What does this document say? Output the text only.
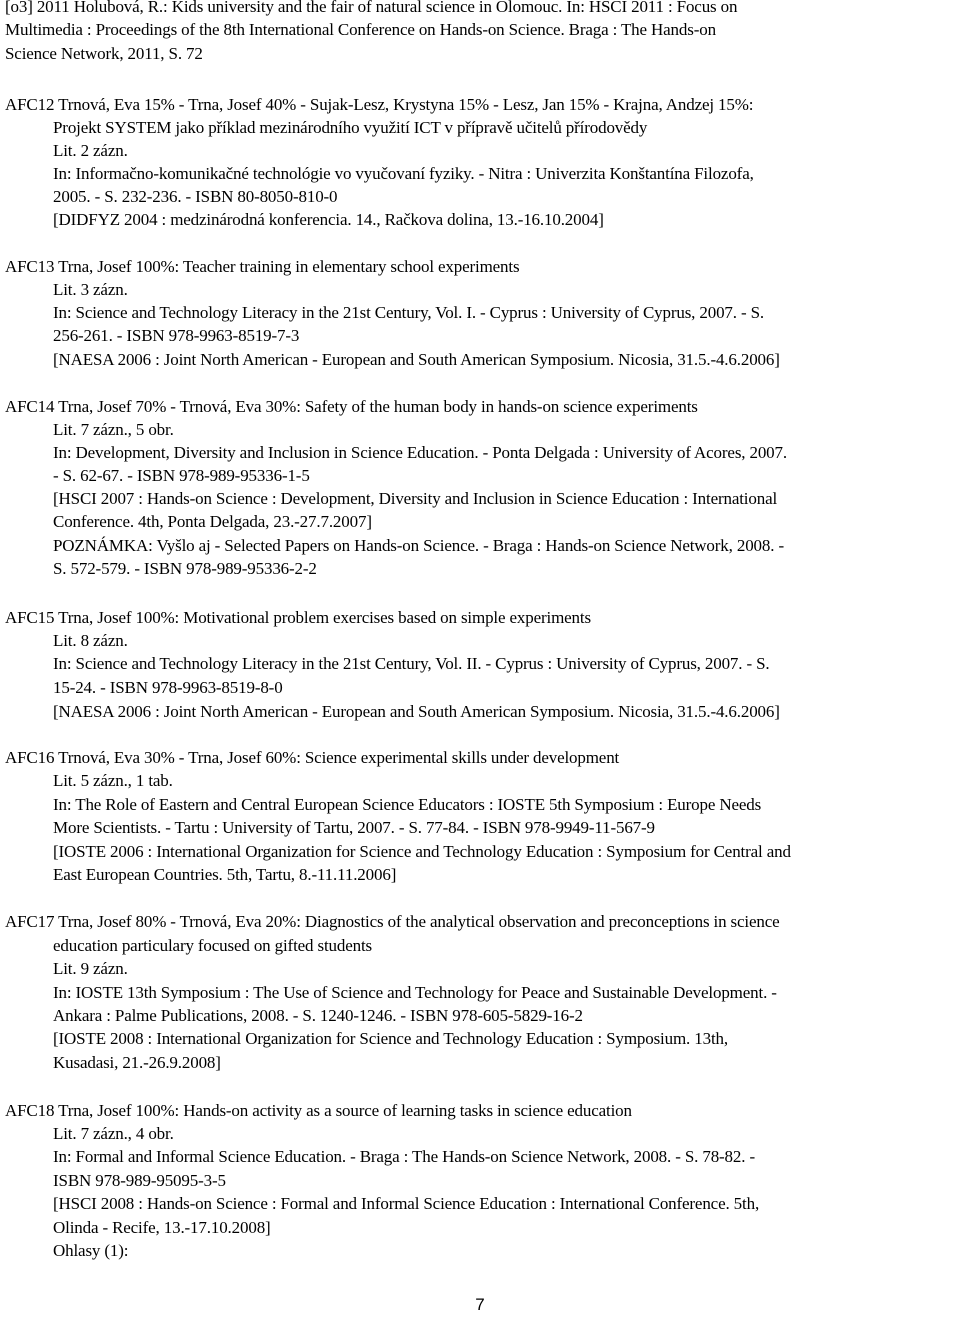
[o3] 2011 Holubová, R.: Kids university and the fair of natural science in Olomouc. In: HSCI 2011 : Focus on
Multimedia : Proceedings of the 8th International Conference on Hands-on Science. Braga : The Hands-on
Science Network, 2011, S. 72
AFC12 Trnová, Eva 15% - Trna, Josef 40% - Sujak-Lesz, Krystyna 15% - Lesz, Jan 15% - Krajna, Andzej 15%:
Projekt SYSTEM jako příklad mezinárodního využití ICT v přípravě učitelů přírodovědy
Lit. 2 zázn.
In: Informačno-komunikačné technológie vo vyučovaní fyziky. - Nitra : Univerzita Konštantína Filozofa,
2005. - S. 232-236. - ISBN 80-8050-810-0
[DIDFYZ 2004 : medzinárodná konferencia. 14., Račkova dolina, 13.-16.10.2004]
AFC13 Trna, Josef 100%: Teacher training in elementary school experiments
Lit. 3 zázn.
In: Science and Technology Literacy in the 21st Century, Vol. I. - Cyprus : University of Cyprus, 2007. - S.
256-261. - ISBN 978-9963-8519-7-3
[NAESA 2006 : Joint North American - European and South American Symposium. Nicosia, 31.5.-4.6.2006]
AFC14 Trna, Josef 70% - Trnová, Eva 30%: Safety of the human body in hands-on science experiments
Lit. 7 zázn., 5 obr.
In: Development, Diversity and Inclusion in Science Education. - Ponta Delgada : University of Acores, 2007.
- S. 62-67. - ISBN 978-989-95336-1-5
[HSCI 2007 : Hands-on Science : Development, Diversity and Inclusion in Science Education : International
Conference. 4th, Ponta Delgada, 23.-27.7.2007]
POZNÁMKA: Vyšlo aj - Selected Papers on Hands-on Science. - Braga : Hands-on Science Network, 2008. -
S. 572-579. - ISBN 978-989-95336-2-2
AFC15 Trna, Josef 100%: Motivational problem exercises based on simple experiments
Lit. 8 zázn.
In: Science and Technology Literacy in the 21st Century, Vol. II. - Cyprus : University of Cyprus, 2007. - S.
15-24. - ISBN 978-9963-8519-8-0
[NAESA 2006 : Joint North American - European and South American Symposium. Nicosia, 31.5.-4.6.2006]
AFC16 Trnová, Eva 30% - Trna, Josef 60%: Science experimental skills under development
Lit. 5 zázn., 1 tab.
In: The Role of Eastern and Central European Science Educators : IOSTE 5th Symposium : Europe Needs
More Scientists. - Tartu : University of Tartu, 2007. - S. 77-84. - ISBN 978-9949-11-567-9
[IOSTE 2006 : International Organization for Science and Technology Education : Symposium for Central and
East European Countries. 5th, Tartu, 8.-11.11.2006]
AFC17 Trna, Josef 80% - Trnová, Eva 20%: Diagnostics of the analytical observation and preconceptions in science
education particulary focused on gifted students
Lit. 9 zázn.
In: IOSTE 13th Symposium : The Use of Science and Technology for Peace and Sustainable Development. -
Ankara : Palme Publications, 2008. - S. 1240-1246. - ISBN 978-605-5829-16-2
[IOSTE 2008 : International Organization for Science and Technology Education : Symposium. 13th,
Kusadasi, 21.-26.9.2008]
AFC18 Trna, Josef 100%: Hands-on activity as a source of learning tasks in science education
Lit. 7 zázn., 4 obr.
In: Formal and Informal Science Education. - Braga : The Hands-on Science Network, 2008. - S. 78-82. -
ISBN 978-989-95095-3-5
[HSCI 2008 : Hands-on Science : Formal and Informal Science Education : International Conference. 5th,
Olinda - Recife, 13.-17.10.2008]
Ohlasy (1):
7
